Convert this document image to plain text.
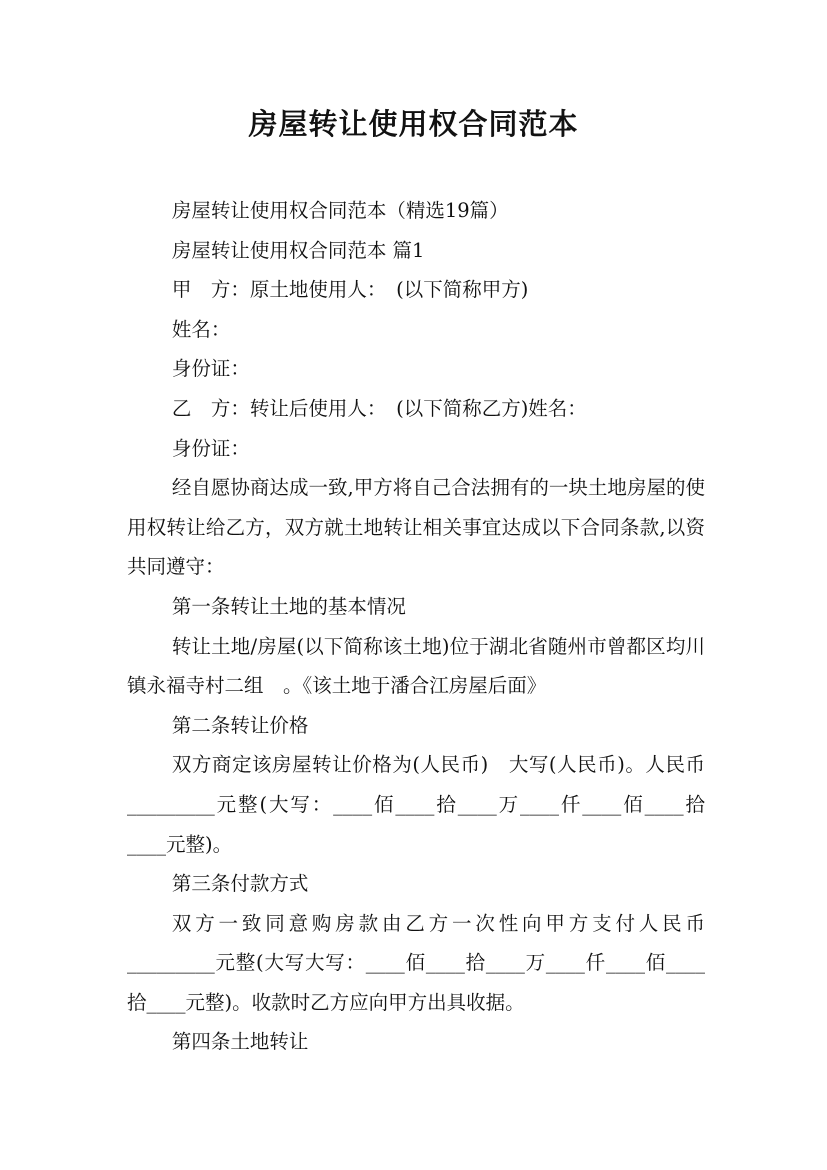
房屋转让使用权合同范本

房屋转让使用权合同范本（精选19篇）

房屋转让使用权合同范本 篇1

甲　方：原土地使用人：　(以下简称甲方)

姓名：

身份证：

乙　方：转让后使用人：　(以下简称乙方)姓名：

身份证：

经自愿协商达成一致,甲方将自己合法拥有的一块土地房屋的使用权转让给乙方，双方就土地转让相关事宜达成以下合同条款,以资共同遵守：

第一条转让土地的基本情况

转让土地/房屋(以下简称该土地)位于湖北省随州市曾都区均川镇永福寺村二组　。《该土地于潘合江房屋后面》

第二条转让价格

双方商定该房屋转让价格为(人民币)　大写(人民币)。人民币_________元整(大写：____佰____拾____万____仟____佰____拾____元整)。

第三条付款方式

双方一致同意购房款由乙方一次性向甲方支付人民币_________元整(大写大写：____佰____拾____万____仟____佰____拾____元整)。收款时乙方应向甲方出具收据。

第四条土地转让
